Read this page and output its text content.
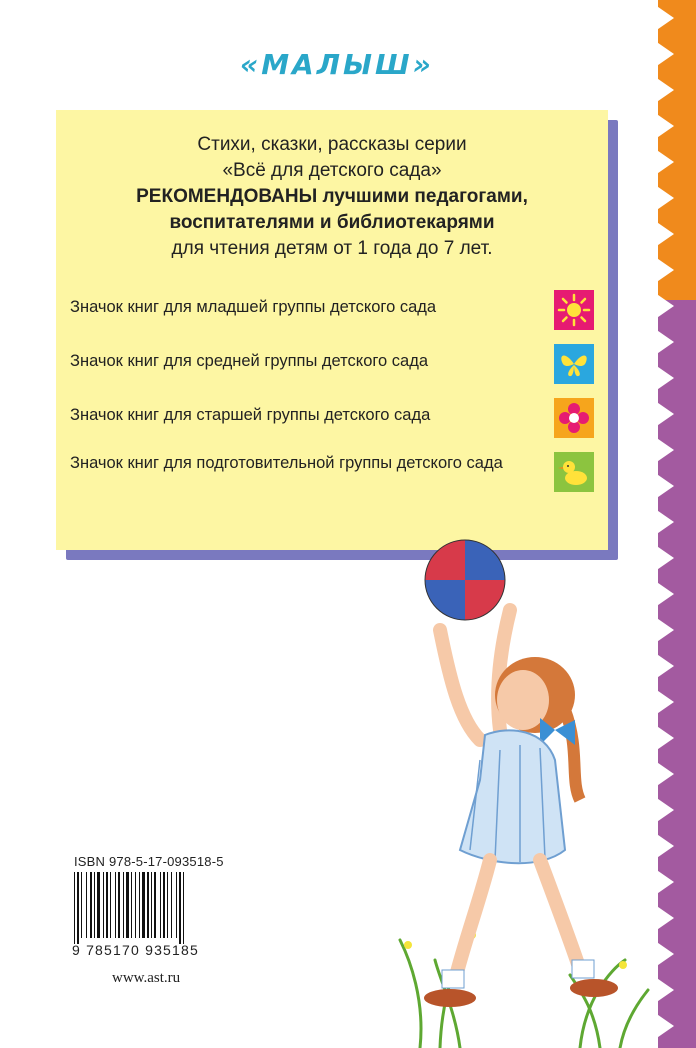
«МАЛЫШ»
Стихи, сказки, рассказы серии
«Всё для детского сада»
РЕКОМЕНДОВАНЫ лучшими педагогами,
воспитателями и библиотекарями
для чтения детям от 1 года до 7 лет.
Значок книг для младшей группы детского сада
Значок книг для средней группы детского сада
Значок книг для старшей группы детского сада
Значок книг для подготовительной группы детского сада
ISBN 978-5-17-093518-5
9 785170 935185
www.ast.ru
